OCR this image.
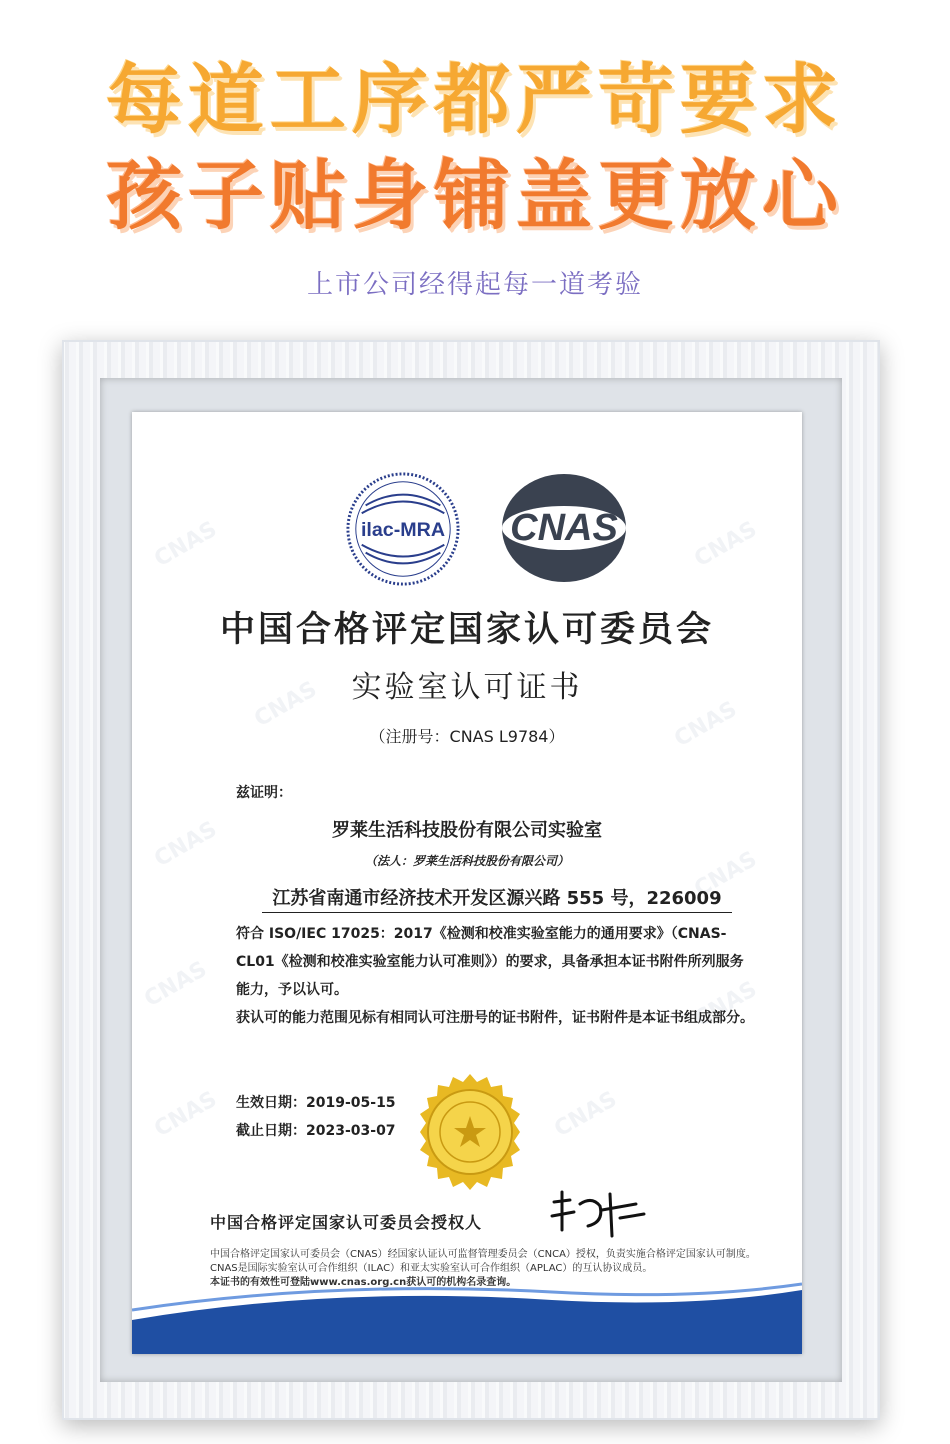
每道工序都严苛要求
孩子贴身铺盖更放心
上市公司经得起每一道考验
CNAS	CNAS
CNAS	CNAS
CNAS
CNAS
CNAS	CNAS
CNAS	CNAS
ilac-MRA CNAS
中国合格评定国家认可委员会
实验室认可证书
（注册号：CNAS L9784）
兹证明：
罗莱生活科技股份有限公司实验室
（法人：罗莱生活科技股份有限公司）
江苏省南通市经济技术开发区源兴路 555 号，226009
符合 ISO/IEC 17025：2017《检测和校准实验室能力的通用要求》（CNAS-CL01《检测和校准实验室能力认可准则》）的要求，具备承担本证书附件所列服务能力，予以认可。
获认可的能力范围见标有相同认可注册号的证书附件，证书附件是本证书组成部分。
生效日期：2019-05-15
截止日期：2023-03-07
中国合格评定国家认可委员会授权人
中国合格评定国家认可委员会（CNAS）经国家认证认可监督管理委员会（CNCA）授权，负责实施合格评定国家认可制度。
CNAS是国际实验室认可合作组织（ILAC）和亚太实验室认可合作组织（APLAC）的互认协议成员。
本证书的有效性可登陆www.cnas.org.cn获认可的机构名录查询。
